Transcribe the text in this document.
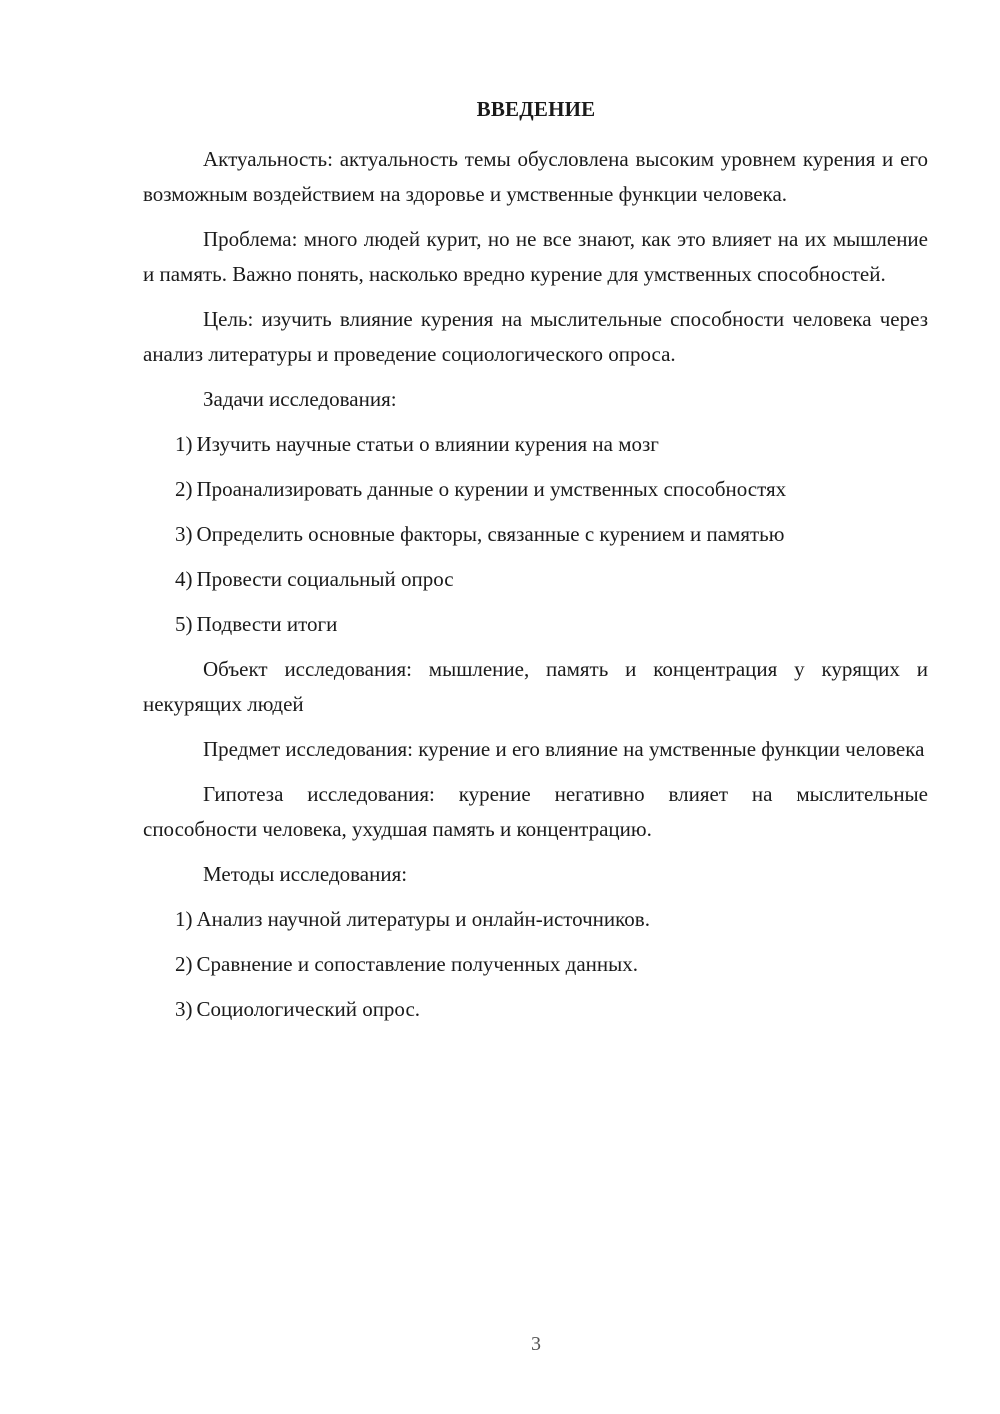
ВВЕДЕНИЕ

Актуальность: актуальность темы обусловлена высоким уровнем курения и его возможным воздействием на здоровье и умственные функции человека.

Проблема: много людей курит, но не все знают, как это влияет на их мышление и память. Важно понять, насколько вредно курение для умственных способностей.

Цель: изучить влияние курения на мыслительные способности человека через анализ литературы и проведение социологического опроса.

Задачи исследования:

1) Изучить научные статьи о влиянии курения на мозг
2) Проанализировать данные о курении и умственных способностях
3) Определить основные факторы, связанные с курением и памятью
4) Провести социальный опрос
5) Подвести итоги

Объект исследования: мышление, память и концентрация у курящих и некурящих людей

Предмет исследования: курение и его влияние на умственные функции человека

Гипотеза исследования: курение негативно влияет на мыслительные способности человека, ухудшая память и концентрацию.

Методы исследования:

1) Анализ научной литературы и онлайн-источников.
2) Сравнение и сопоставление полученных данных.
3) Социологический опрос.
3
